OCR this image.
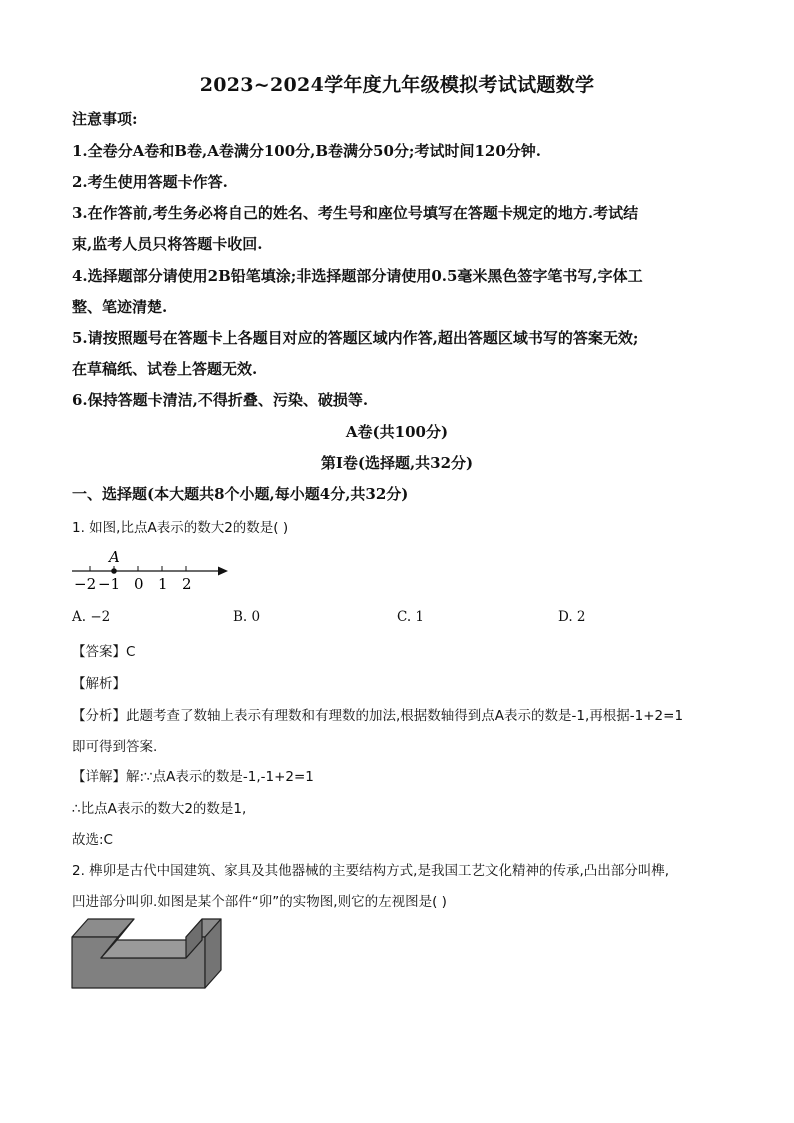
2023~2024学年度九年级模拟考试试题数学
注意事项:
1.全卷分A卷和B卷,A卷满分100分,B卷满分50分;考试时间120分钟.
2.考生使用答题卡作答.
3.在作答前,考生务必将自己的姓名、考生号和座位号填写在答题卡规定的地方.考试结
束,监考人员只将答题卡收回.
4.选择题部分请使用2B铅笔填涂;非选择题部分请使用0.5毫米黑色签字笔书写,字体工
整、笔迹清楚.
5.请按照题号在答题卡上各题目对应的答题区域内作答,超出答题区域书写的答案无效;
在草稿纸、试卷上答题无效.
6.保持答题卡清洁,不得折叠、污染、破损等.
A卷(共100分)
第Ⅰ卷(选择题,共32分)
一、选择题(本大题共8个小题,每小题4分,共32分)
1. 如图,比点A表示的数大2的数是( )
A
−2 −1 0 1 2
A. −2	B. 0	C. 1	D. 2
【答案】C
【解析】
【分析】此题考查了数轴上表示有理数和有理数的加法,根据数轴得到点A表示的数是-1,再根据-1+2=1
即可得到答案.
【详解】解:∵点A表示的数是-1,-1+2=1
∴比点A表示的数大2的数是1,
故选:C
2. 榫卯是古代中国建筑、家具及其他器械的主要结构方式,是我国工艺文化精神的传承,凸出部分叫榫,
凹进部分叫卯.如图是某个部件“卯”的实物图,则它的左视图是( )
